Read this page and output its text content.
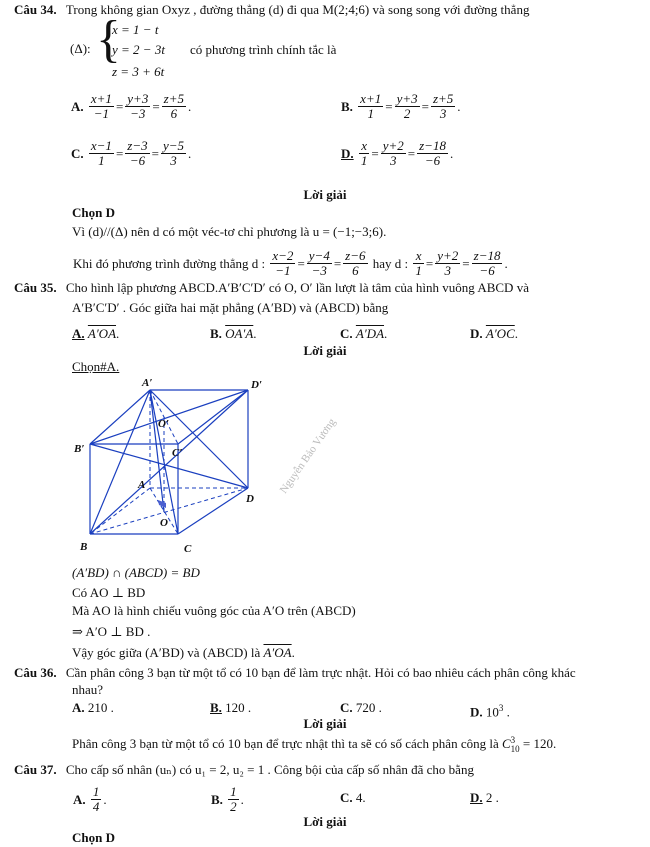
Câu 34. Trong không gian Oxyz , đường thẳng (d) đi qua M(2;4;6) và song song với đường thẳng
(Δ): {
x = 1 − t
y = 2 − 3t có phương trình chính tắc là
z = 3 + 6t
A. $\frac{x+1}{-1} = \frac{y+3}{-3} = \frac{z+5}{6}$ .	B. $\frac{x+1}{1} = \frac{y+3}{2} = \frac{z+5}{3}$ .
C. $\frac{x-1}{1} = \frac{z-3}{-6} = \frac{y-5}{3}$ .	D. $\frac{x}{1} = \frac{y+2}{3} = \frac{z-18}{-6}$ .
Lời giải
Chọn D
Vì (d)//(Δ) nên d có một véc-tơ chỉ phương là u = (−1;−3;6).
Khi đó phương trình đường thẳng d : $\frac{x-2}{-1} = \frac{y-4}{-3} = \frac{z-6}{6}$ hay d : $\frac{x}{1} = \frac{y+2}{3} = \frac{z-18}{-6}$ .
Câu 35. Cho hình lập phương ABCD.A′B′C′D′ có O, O′ lần lượt là tâm của hình vuông ABCD và
A′B′C′D′ . Góc giữa hai mặt phẳng (A′BD) và (ABCD) bằng
A. A′OA.	B. OA′A.	C. A′DA.	D. A′OC.
Lời giải
Chọn#A.
A′	D′
O′
B′	C′
A
D
O
B	C
Nguyễn Bảo Vương
(A′BD) ∩ (ABCD) = BD
Có AO ⊥ BD
Mà AO là hình chiếu vuông góc của A′O trên (ABCD)
⇒ A′O ⊥ BD .
Vậy góc giữa (A′BD) và (ABCD) là A′OA.
Câu 36. Cần phân công 3 bạn từ một tổ có 10 bạn để làm trực nhật. Hỏi có bao nhiêu cách phân công khác
nhau?
A. 210 .	B. 120 .	C. 720 .	D. $10^3$ .
Lời giải
Phân công 3 bạn từ một tổ có 10 bạn để trực nhật thì ta sẽ có số cách phân công là C 3
10 = 120.
Câu 37. Cho cấp số nhân (uₙ) có u₁ = 2, u₂ = 1 . Công bội của cấp số nhân đã cho bằng
A. $\frac{1}{4}$ .	B. $\frac{1}{2}$ .	C. 4.	D. 2 .
Lời giải
Chọn D
